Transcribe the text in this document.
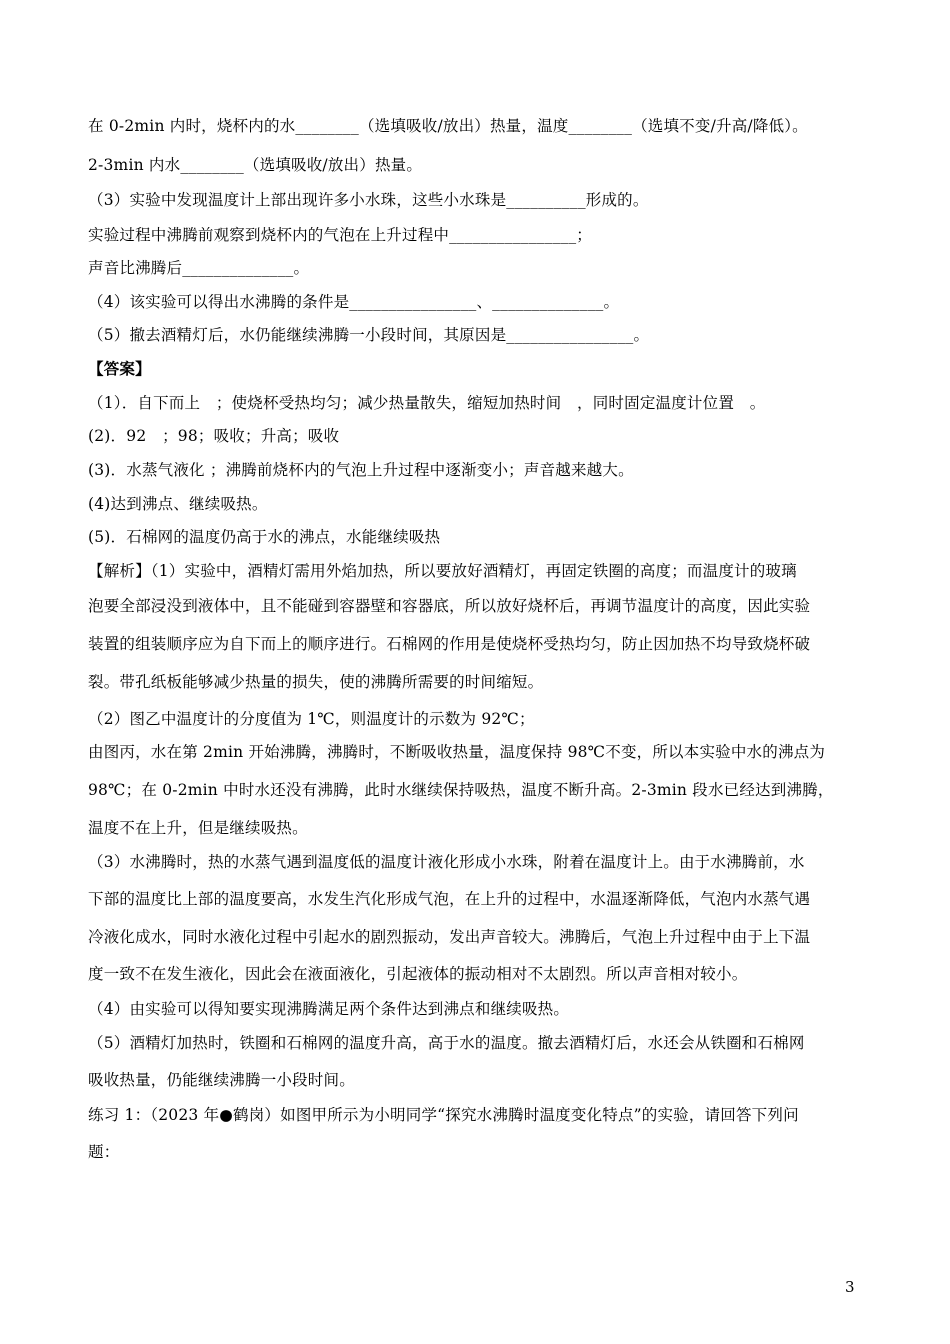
在 0-2min 内时，烧杯内的水________（选填吸收/放出）热量，温度________（选填不变/升高/降低）。
2-3min 内水________（选填吸收/放出）热量。
（3）实验中发现温度计上部出现许多小水珠，这些小水珠是__________形成的。
实验过程中沸腾前观察到烧杯内的气泡在上升过程中________________；
声音比沸腾后______________。
（4）该实验可以得出水沸腾的条件是________________、______________。
（5）撤去酒精灯后，水仍能继续沸腾一小段时间，其原因是________________。
【答案】
（1）．自下而上　；使烧杯受热均匀；减少热量散失，缩短加热时间　，同时固定温度计位置　。
(2)．92　；98；吸收；升高；吸收
(3)．水蒸气液化 ；沸腾前烧杯内的气泡上升过程中逐渐变小；声音越来越大。
(4)达到沸点、继续吸热。
(5)．石棉网的温度仍高于水的沸点，水能继续吸热
【解析】（1）实验中，酒精灯需用外焰加热，所以要放好酒精灯，再固定铁圈的高度；而温度计的玻璃
泡要全部浸没到液体中，且不能碰到容器壁和容器底，所以放好烧杯后，再调节温度计的高度，因此实验
装置的组装顺序应为自下而上的顺序进行。石棉网的作用是使烧杯受热均匀，防止因加热不均导致烧杯破
裂。带孔纸板能够减少热量的损失，使的沸腾所需要的时间缩短。
（2）图乙中温度计的分度值为 1℃，则温度计的示数为 92℃；
由图丙，水在第 2min 开始沸腾，沸腾时，不断吸收热量，温度保持 98℃不变，所以本实验中水的沸点为
98℃；在 0-2min 中时水还没有沸腾，此时水继续保持吸热，温度不断升高。2-3min 段水已经达到沸腾，
温度不在上升，但是继续吸热。
（3）水沸腾时，热的水蒸气遇到温度低的温度计液化形成小水珠，附着在温度计上。由于水沸腾前，水
下部的温度比上部的温度要高，水发生汽化形成气泡，在上升的过程中，水温逐渐降低，气泡内水蒸气遇
冷液化成水，同时水液化过程中引起水的剧烈振动，发出声音较大。沸腾后，气泡上升过程中由于上下温
度一致不在发生液化，因此会在液面液化，引起液体的振动相对不太剧烈。所以声音相对较小。
（4）由实验可以得知要实现沸腾满足两个条件达到沸点和继续吸热。
（5）酒精灯加热时，铁圈和石棉网的温度升高，高于水的温度。撤去酒精灯后，水还会从铁圈和石棉网
吸收热量，仍能继续沸腾一小段时间。
练习 1：（2023 年●鹤岗）如图甲所示为小明同学“探究水沸腾时温度变化特点”的实验，请回答下列问
题：
3
